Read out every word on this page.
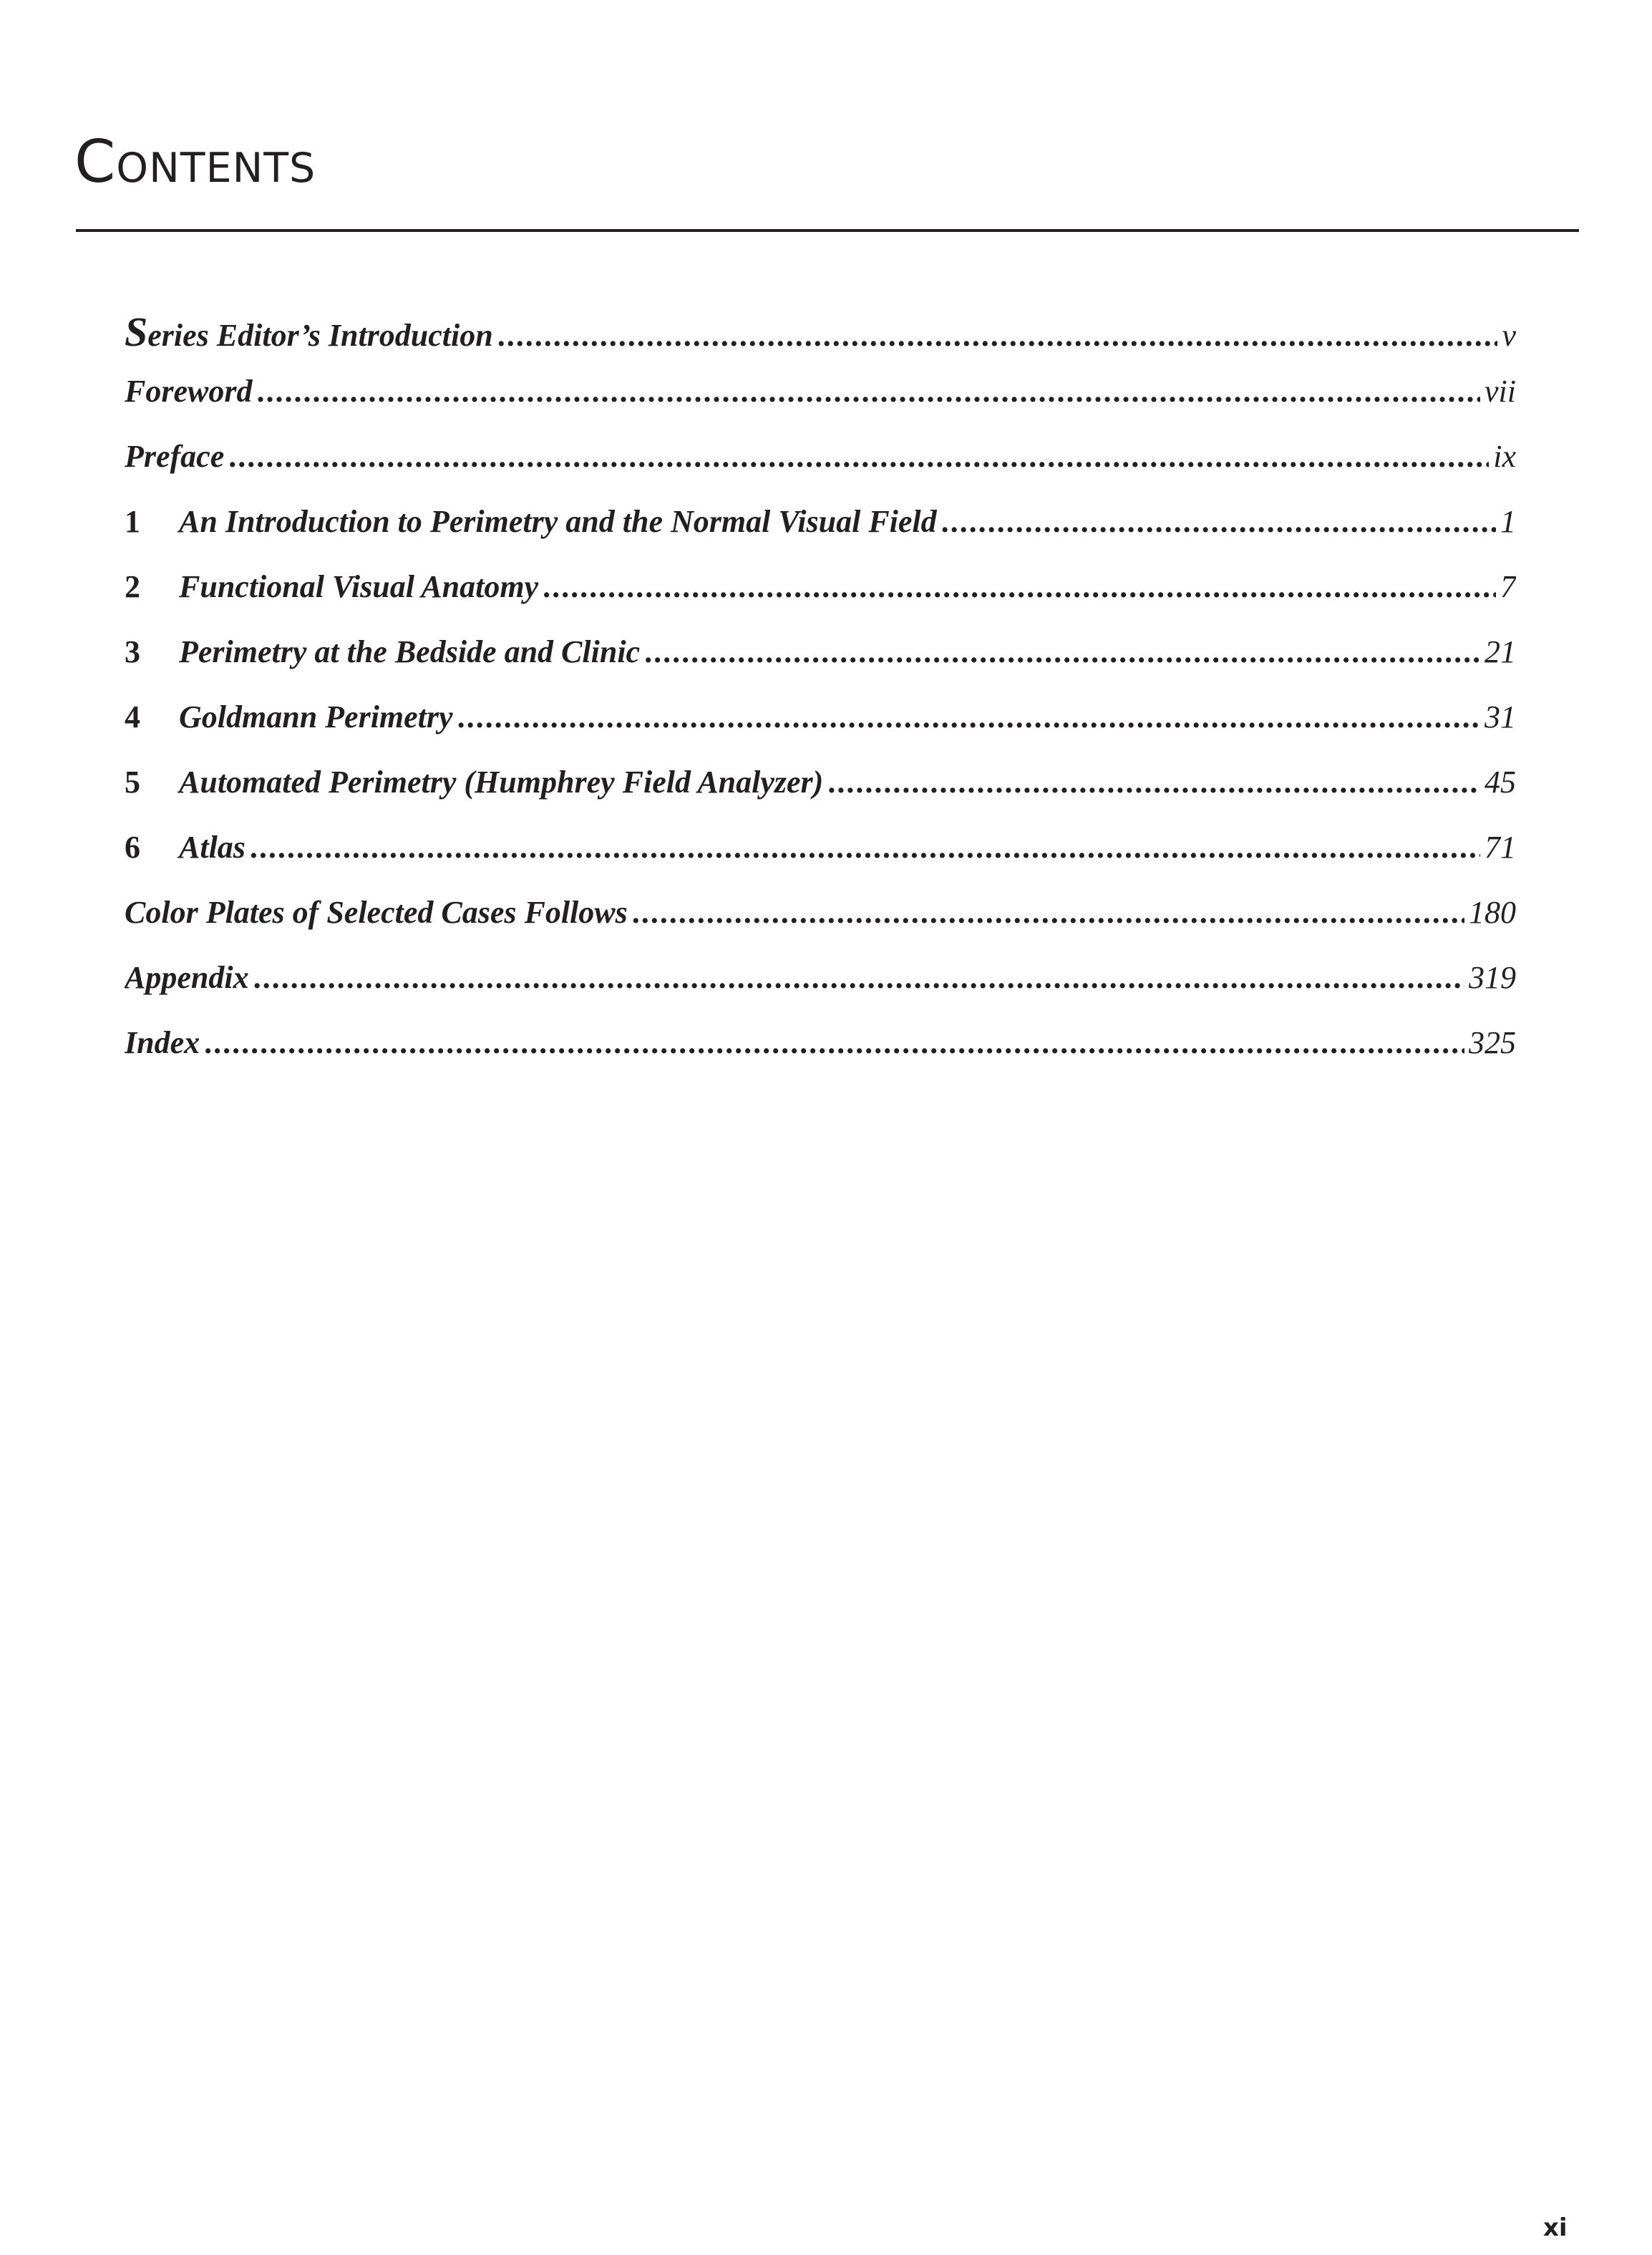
Contents
Series Editor’s Introduction .....	v
Foreword .....	vii
Preface .....	ix
1	An Introduction to Perimetry and the Normal Visual Field .....	1
2	Functional Visual Anatomy .....	7
3	Perimetry at the Bedside and Clinic .....	21
4	Goldmann Perimetry .....	31
5	Automated Perimetry (Humphrey Field Analyzer) .....	45
6	Atlas .....	71
Color Plates of Selected Cases Follows .....	180
Appendix .....	319
Index .....	325
xi
